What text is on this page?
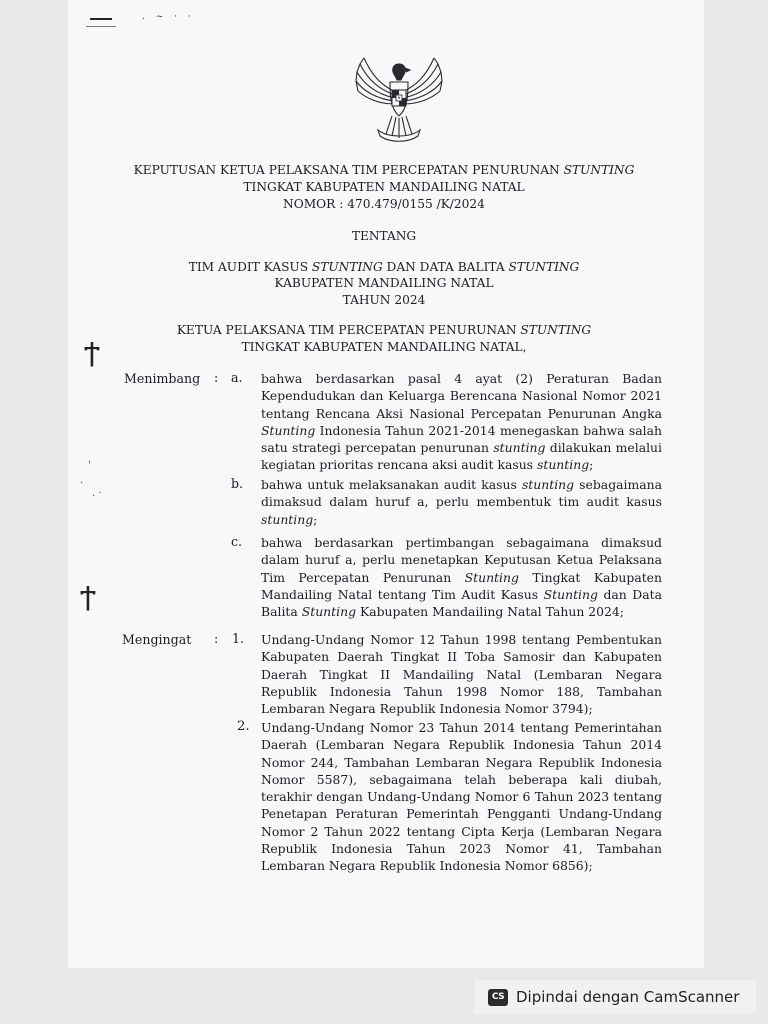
. ~ · ·
KEPUTUSAN KETUA PELAKSANA TIM PERCEPATAN PENURUNAN STUNTING
TINGKAT KABUPATEN MANDAILING NATAL
NOMOR : 470.479/0155 /K/2024
TENTANG
TIM AUDIT KASUS STUNTING DAN DATA BALITA STUNTING
KABUPATEN MANDAILING NATAL
TAHUN 2024
KETUA PELAKSANA TIM PERCEPATAN PENURUNAN STUNTING
TINGKAT KABUPATEN MANDAILING NATAL,
Ϯ
Ϯ
'
·
. ·
Menimbang : a. bahwa berdasarkan pasal 4 ayat (2) Peraturan Badan Kependudukan dan Keluarga Berencana Nasional Nomor 2021 tentang Rencana Aksi Nasional Percepatan Penurunan Angka Stunting Indonesia Tahun 2021-2014 menegaskan bahwa salah satu strategi percepatan penurunan stunting dilakukan melalui kegiatan prioritas rencana aksi audit kasus stunting;
b. bahwa untuk melaksanakan audit kasus stunting sebagaimana dimaksud dalam huruf a, perlu membentuk tim audit kasus stunting;
c. bahwa berdasarkan pertimbangan sebagaimana dimaksud dalam huruf a, perlu menetapkan Keputusan Ketua Pelaksana Tim Percepatan Penurunan Stunting Tingkat Kabupaten Mandailing Natal tentang Tim Audit Kasus Stunting dan Data Balita Stunting Kabupaten Mandailing Natal Tahun 2024;
Mengingat : 1. Undang-Undang Nomor 12 Tahun 1998 tentang Pembentukan Kabupaten Daerah Tingkat II Toba Samosir dan Kabupaten Daerah Tingkat II Mandailing Natal (Lembaran Negara Republik Indonesia Tahun 1998 Nomor 188, Tambahan Lembaran Negara Republik Indonesia Nomor 3794);
2. Undang-Undang Nomor 23 Tahun 2014 tentang Pemerintahan Daerah (Lembaran Negara Republik Indonesia Tahun 2014 Nomor 244, Tambahan Lembaran Negara Republik Indonesia Nomor 5587), sebagaimana telah beberapa kali diubah, terakhir dengan Undang-Undang Nomor 6 Tahun 2023 tentang Penetapan Peraturan Pemerintah Pengganti Undang-Undang Nomor 2 Tahun 2022 tentang Cipta Kerja (Lembaran Negara Republik Indonesia Tahun 2023 Nomor 41, Tambahan Lembaran Negara Republik Indonesia Nomor 6856);
CS Dipindai dengan CamScanner
